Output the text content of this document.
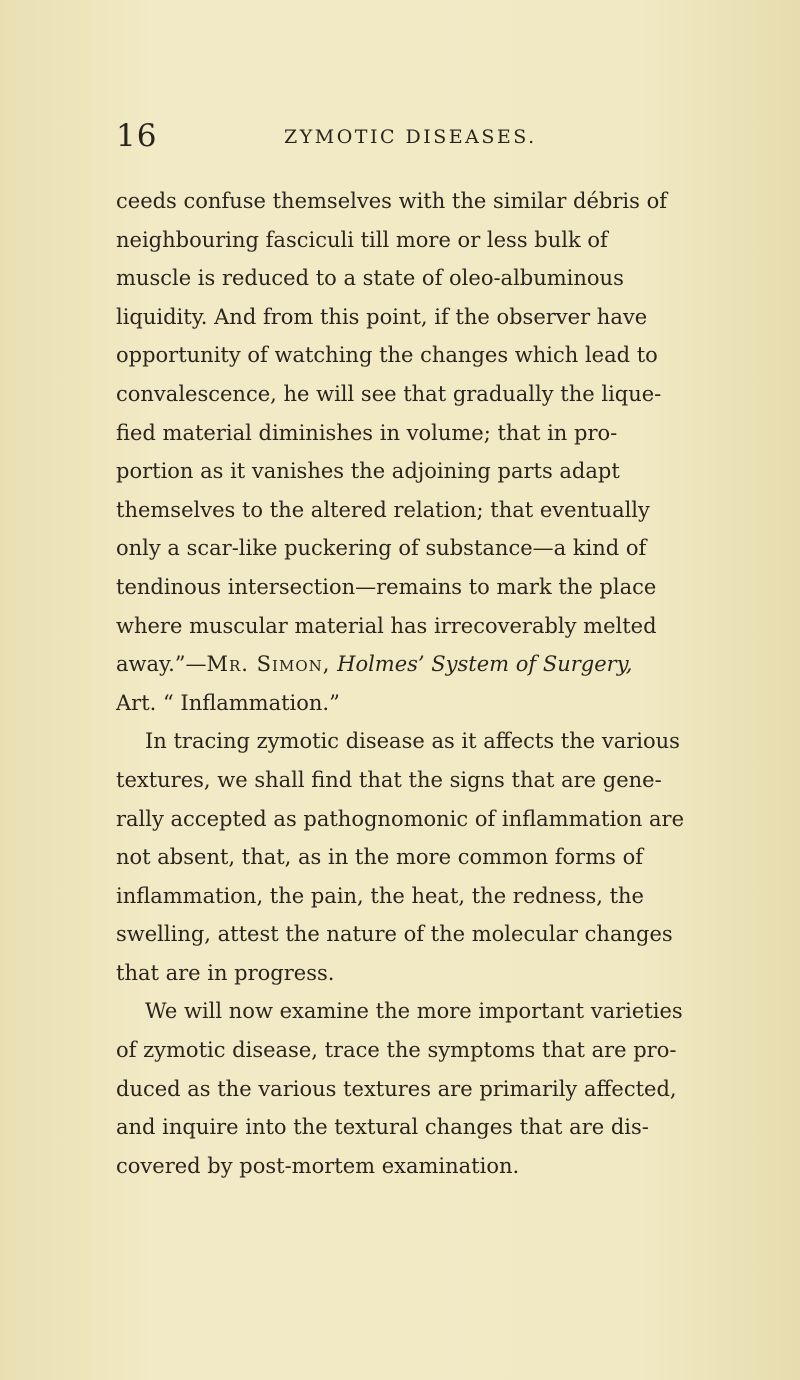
16	ZYMOTIC DISEASES.
ceeds confuse themselves with the similar débris of
neighbouring fasciculi till more or less bulk of
muscle is reduced to a state of oleo-albuminous
liquidity. And from this point, if the observer have
opportunity of watching the changes which lead to
convalescence, he will see that gradually the lique-
fied material diminishes in volume; that in pro-
portion as it vanishes the adjoining parts adapt
themselves to the altered relation; that eventually
only a scar-like puckering of substance—a kind of
tendinous intersection—remains to mark the place
where muscular material has irrecoverably melted
away.”—Mr. Simon, Holmes’ System of Surgery,
Art. “ Inflammation.”
In tracing zymotic disease as it affects the various
textures, we shall find that the signs that are gene-
rally accepted as pathognomonic of inflammation are
not absent, that, as in the more common forms of
inflammation, the pain, the heat, the redness, the
swelling, attest the nature of the molecular changes
that are in progress.
We will now examine the more important varieties
of zymotic disease, trace the symptoms that are pro-
duced as the various textures are primarily affected,
and inquire into the textural changes that are dis-
covered by post-mortem examination.
